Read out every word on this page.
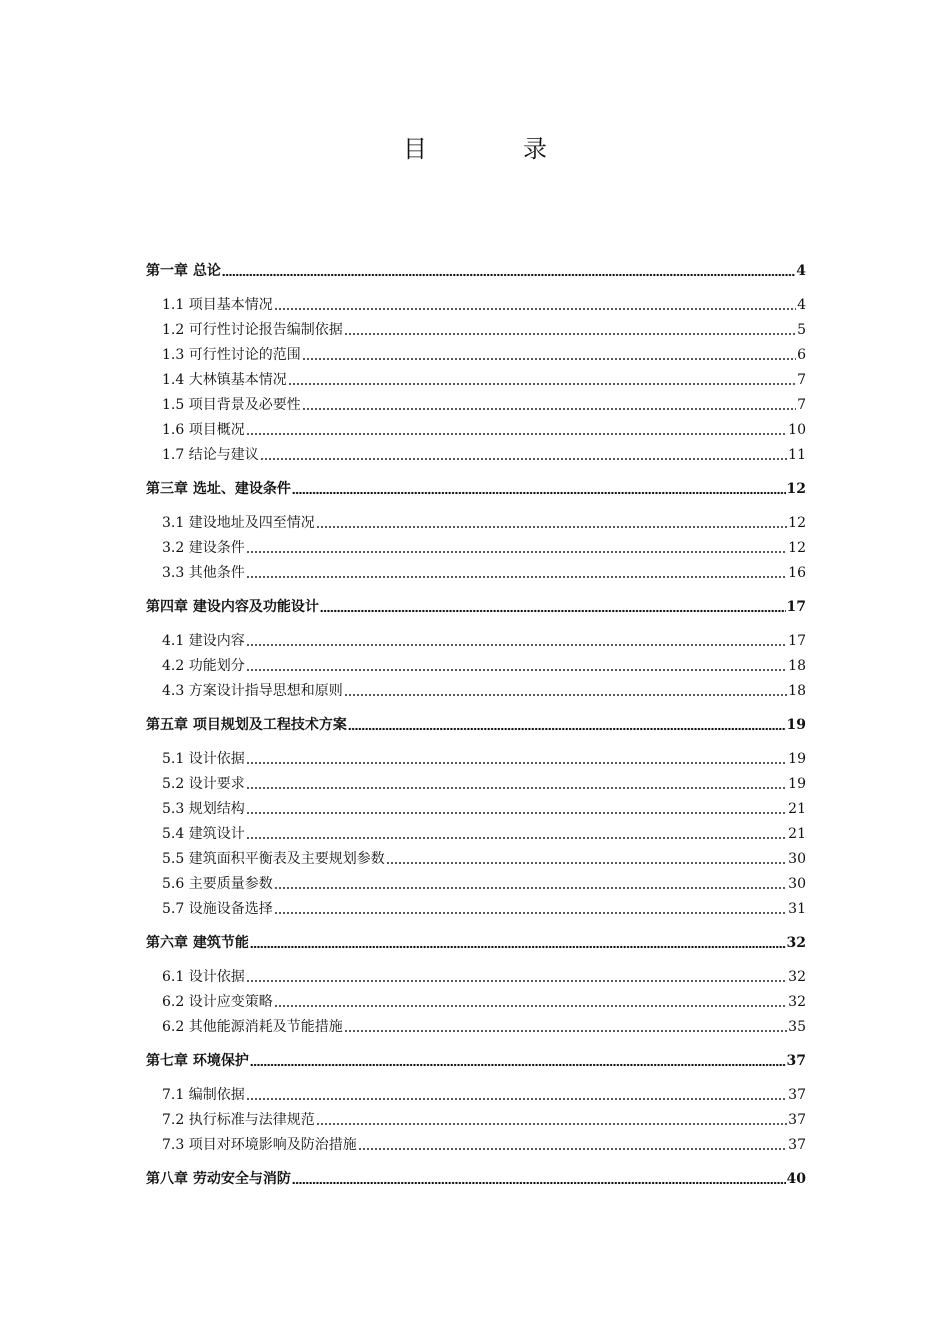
目　录
第一章 总论	4
1.1 项目基本情况	4
1.2 可行性讨论报告编制依据	5
1.3 可行性讨论的范围	6
1.4 大林镇基本情况	7
1.5 项目背景及必要性	7
1.6 项目概况	10
1.7 结论与建议	11
第三章 选址、建设条件	12
3.1 建设地址及四至情况	12
3.2 建设条件	12
3.3 其他条件	16
第四章 建设内容及功能设计	17
4.1 建设内容	17
4.2 功能划分	18
4.3 方案设计指导思想和原则	18
第五章 项目规划及工程技术方案	19
5.1 设计依据	19
5.2 设计要求	19
5.3 规划结构	21
5.4 建筑设计	21
5.5 建筑面积平衡表及主要规划参数	30
5.6 主要质量参数	30
5.7 设施设备选择	31
第六章 建筑节能	32
6.1 设计依据	32
6.2 设计应变策略	32
6.2 其他能源消耗及节能措施	35
第七章 环境保护	37
7.1 编制依据	37
7.2 执行标准与法律规范	37
7.3 项目对环境影响及防治措施	37
第八章 劳动安全与消防	40
